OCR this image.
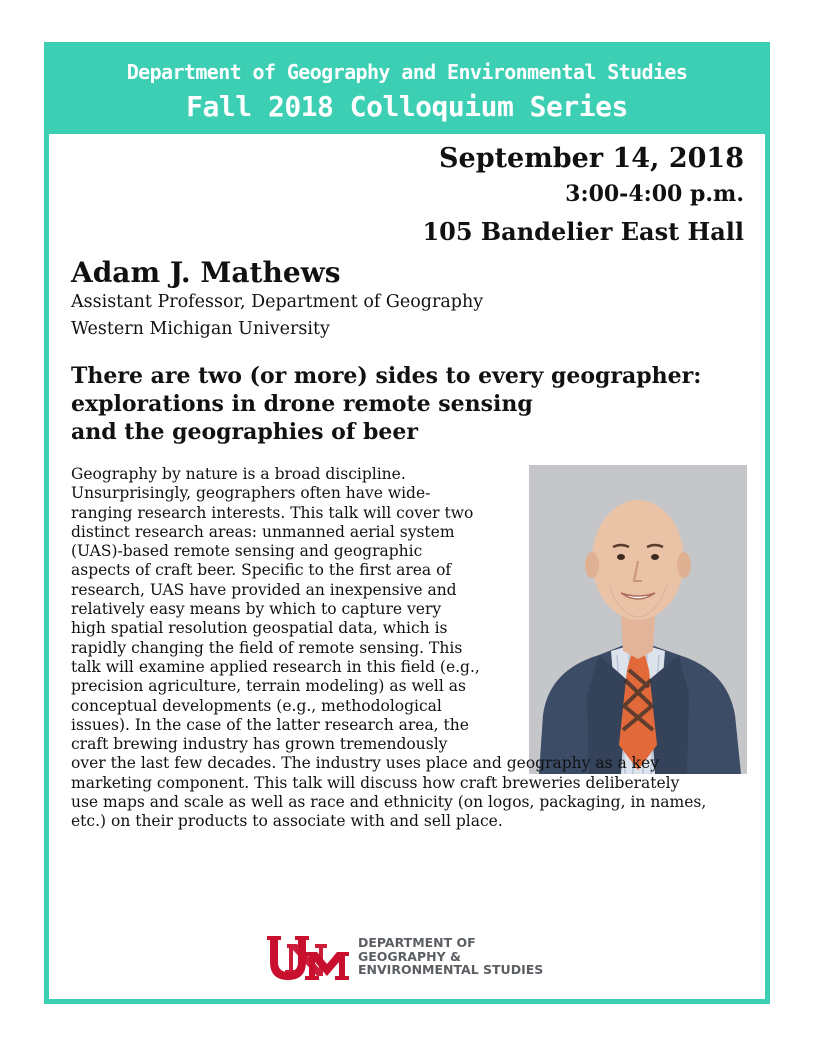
Department of Geography and Environmental Studies
Fall 2018 Colloquium Series
September 14, 2018
3:00-4:00 p.m.
105 Bandelier East Hall
Adam J. Mathews
Assistant Professor, Department of Geography
Western Michigan University
There are two (or more) sides to every geographer:
explorations in drone remote sensing
and the geographies of beer
Geography by nature is a broad discipline.
Unsurprisingly, geographers often have wide-
ranging research interests. This talk will cover two
distinct research areas: unmanned aerial system
(UAS)-based remote sensing and geographic
aspects of craft beer. Specific to the first area of
research, UAS have provided an inexpensive and
relatively easy means by which to capture very
high spatial resolution geospatial data, which is
rapidly changing the field of remote sensing. This
talk will examine applied research in this field (e.g.,
precision agriculture, terrain modeling) as well as
conceptual developments (e.g., methodological
issues). In the case of the latter research area, the
craft brewing industry has grown tremendously
over the last few decades. The industry uses place and geography as a key
marketing component. This talk will discuss how craft breweries deliberately
use maps and scale as well as race and ethnicity (on logos, packaging, in names,
etc.) on their products to associate with and sell place.
DEPARTMENT OF
GEOGRAPHY &
ENVIRONMENTAL STUDIES
